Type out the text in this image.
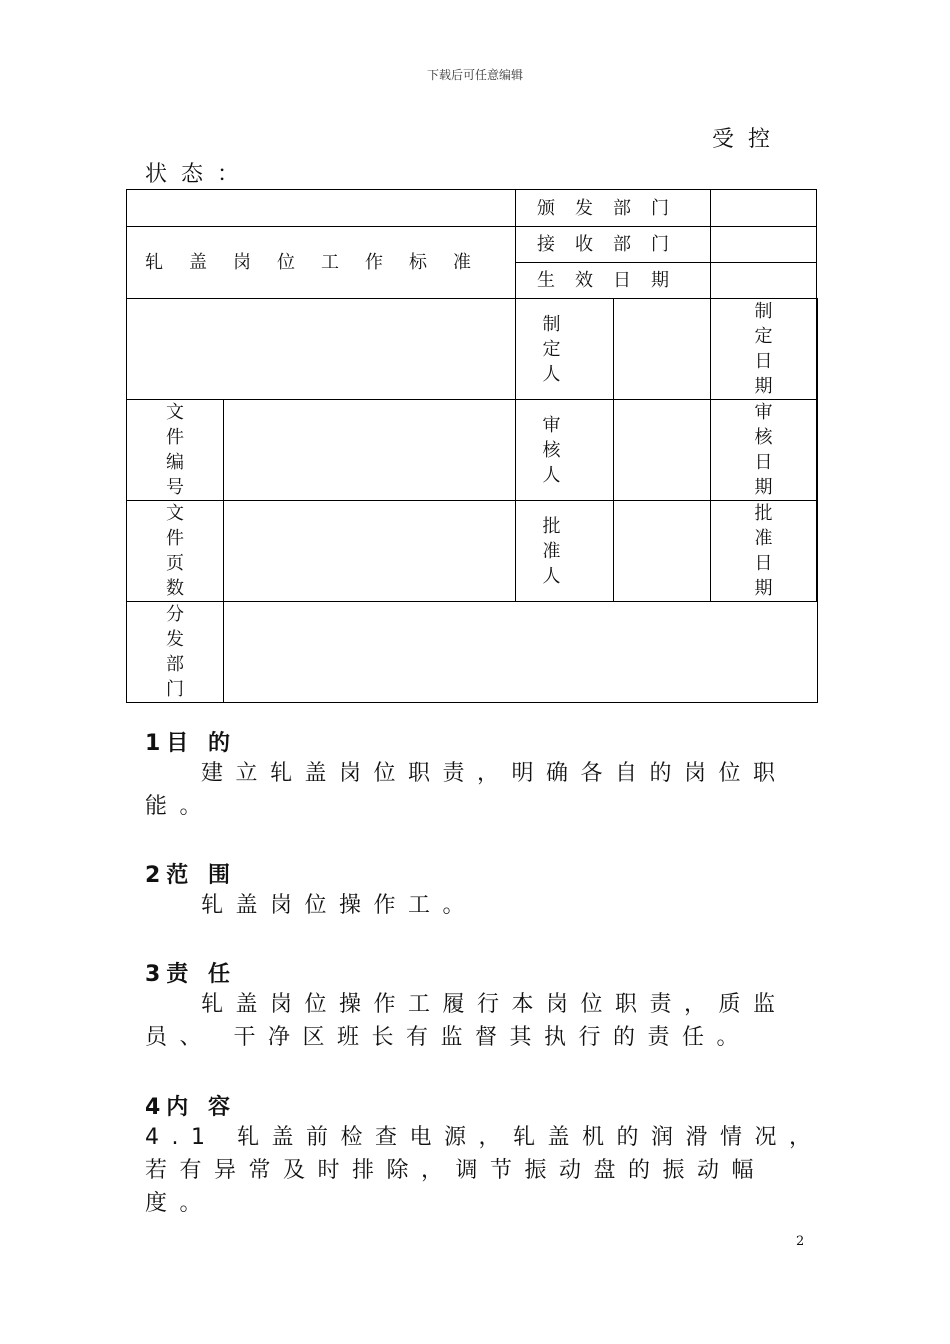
下载后可任意编辑
受控
状态：
		颁发部门			

轧盖岗位工作标准		接收部门			
		生效日期			
		制定人		制定日期	
文件编号		审核人		审核日期	
文件页数		批准人		批准日期	
分发部门					
1目 的
建立轧盖岗位职责，明确各自的岗位职能。
2范 围
轧盖岗位操作工。
3责 任
轧盖岗位操作工履行本岗位职责，质监员、 干净区班长有监督其执行的责任。
4内 容
4.1 轧盖前检查电源，轧盖机的润滑情况， 若有异常及时排除，调节振动盘的振动幅度。
2
